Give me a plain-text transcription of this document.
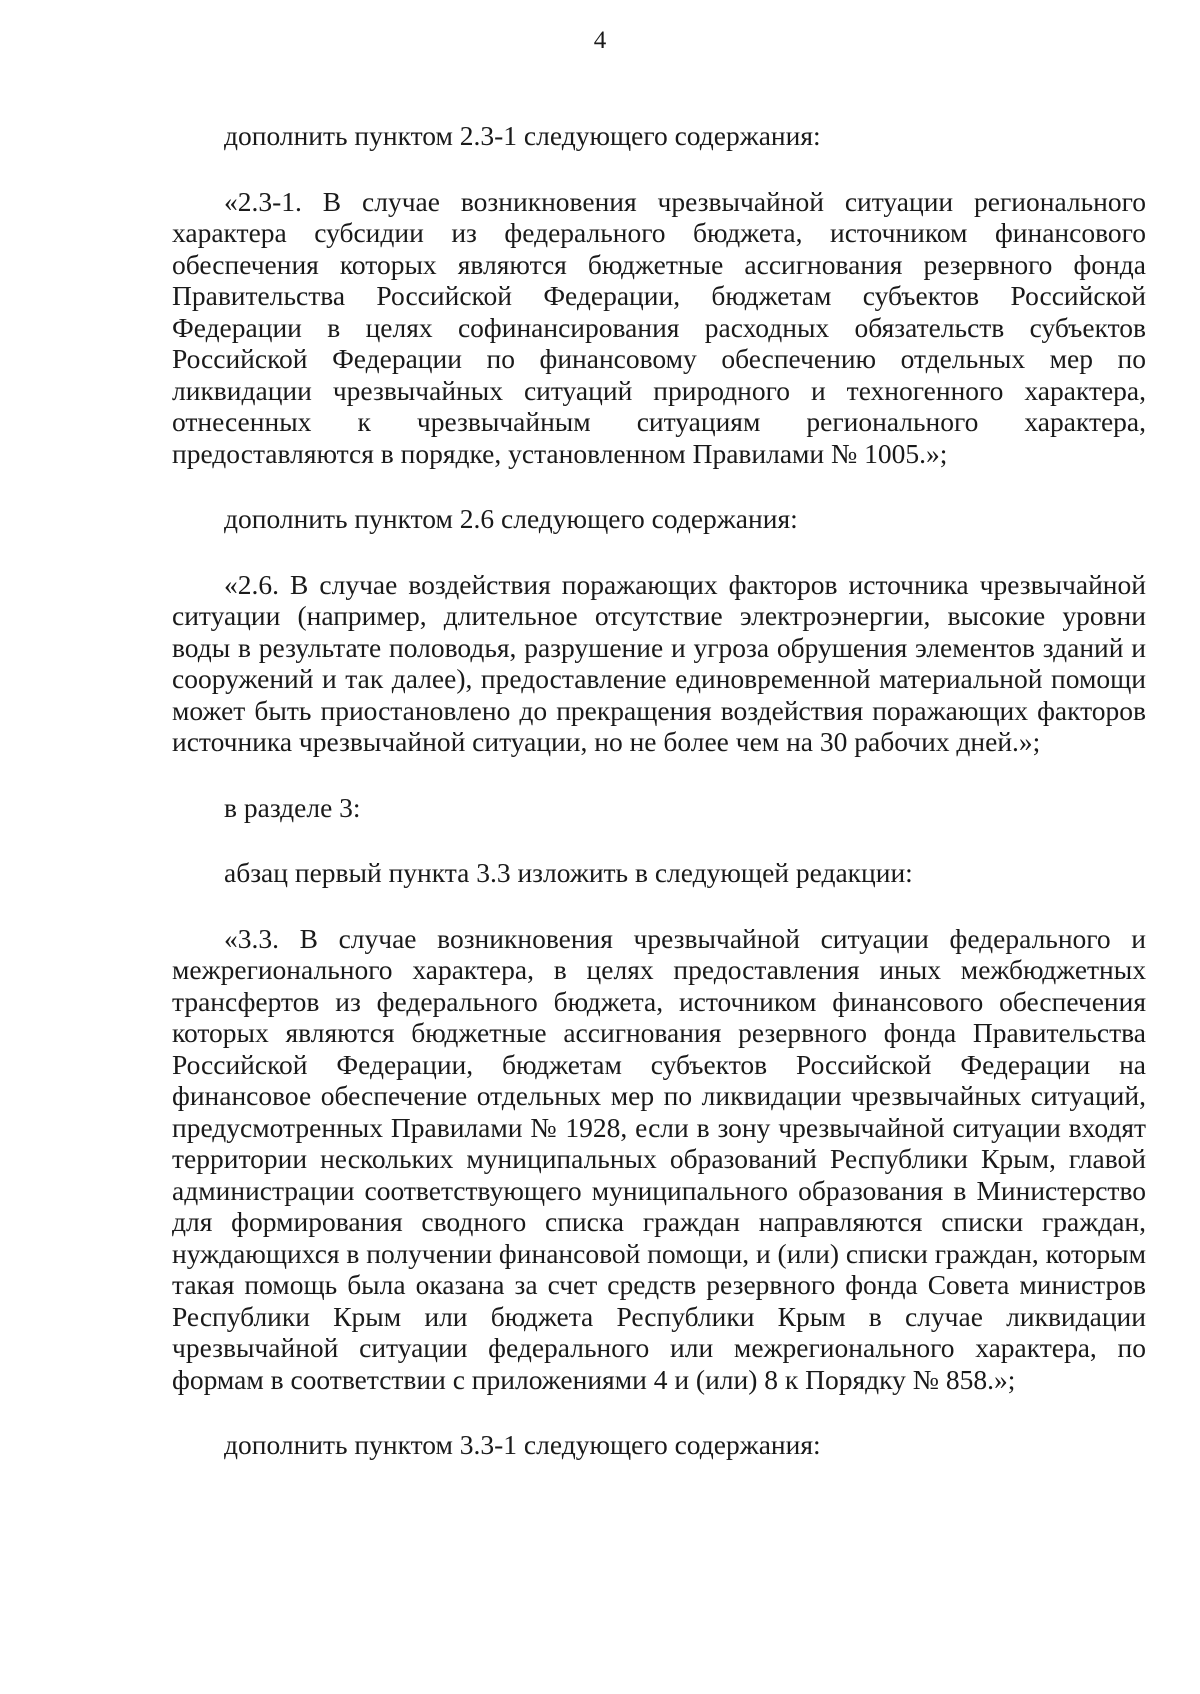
4

дополнить пунктом 2.3-1 следующего содержания:

«2.3-1. В случае возникновения чрезвычайной ситуации регионального характера субсидии из федерального бюджета, источником финансового обеспечения которых являются бюджетные ассигнования резервного фонда Правительства Российской Федерации, бюджетам субъектов Российской Федерации в целях софинансирования расходных обязательств субъектов Российской Федерации по финансовому обеспечению отдельных мер по ликвидации чрезвычайных ситуаций природного и техногенного характера, отнесенных к чрезвычайным ситуациям регионального характера, предоставляются в порядке, установленном Правилами № 1005.»;

дополнить пунктом 2.6 следующего содержания:

«2.6. В случае воздействия поражающих факторов источника чрезвычайной ситуации (например, длительное отсутствие электроэнергии, высокие уровни воды в результате половодья, разрушение и угроза обрушения элементов зданий и сооружений и так далее), предоставление единовременной материальной помощи может быть приостановлено до прекращения воздействия поражающих факторов источника чрезвычайной ситуации, но не более чем на 30 рабочих дней.»;

в разделе 3:

абзац первый пункта 3.3 изложить в следующей редакции:

«3.3. В случае возникновения чрезвычайной ситуации федерального и межрегионального характера, в целях предоставления иных межбюджетных трансфертов из федерального бюджета, источником финансового обеспечения которых являются бюджетные ассигнования резервного фонда Правительства Российской Федерации, бюджетам субъектов Российской Федерации на финансовое обеспечение отдельных мер по ликвидации чрезвычайных ситуаций, предусмотренных Правилами № 1928, если в зону чрезвычайной ситуации входят территории нескольких муниципальных образований Республики Крым, главой администрации соответствующего муниципального образования в Министерство для формирования сводного списка граждан направляются списки граждан, нуждающихся в получении финансовой помощи, и (или) списки граждан, которым такая помощь была оказана за счет средств резервного фонда Совета министров Республики Крым или бюджета Республики Крым в случае ликвидации чрезвычайной ситуации федерального или межрегионального характера, по формам в соответствии с приложениями 4 и (или) 8 к Порядку № 858.»;

дополнить пунктом 3.3-1 следующего содержания:
